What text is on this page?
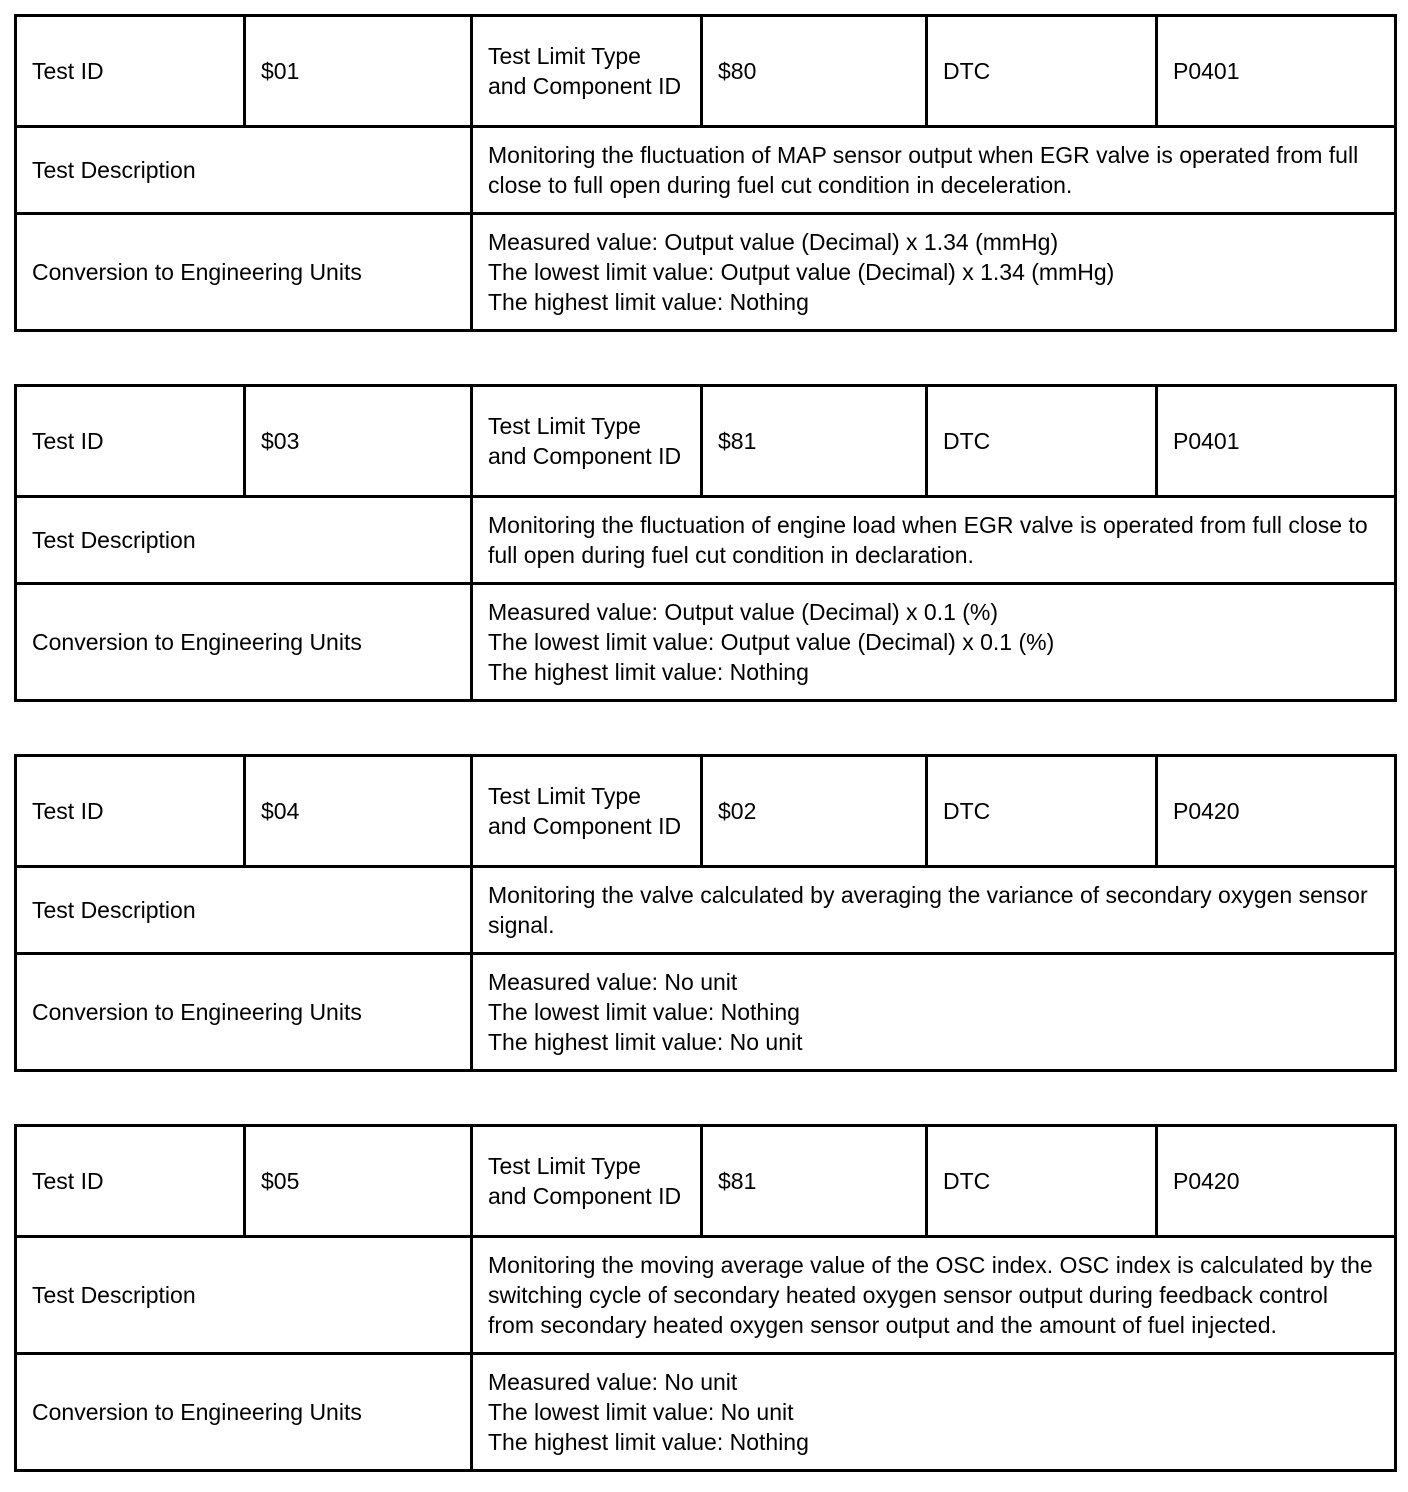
Test ID	$01	Test Limit Type and Component ID	$80	DTC	P0401
Test Description		Monitoring the fluctuation of MAP sensor output when EGR valve is operated from full close to full open during fuel cut condition in deceleration.			
Conversion to Engineering Units		Measured value: Output value (Decimal) x 1.34 (mmHg)
The lowest limit value: Output value (Decimal) x 1.34 (mmHg)
The highest limit value: Nothing			
Test ID	$03	Test Limit Type and Component ID	$81	DTC	P0401
Test Description		Monitoring the fluctuation of engine load when EGR valve is operated from full close to full open during fuel cut condition in declaration.			
Conversion to Engineering Units		Measured value: Output value (Decimal) x 0.1 (%)
The lowest limit value: Output value (Decimal) x 0.1 (%)
The highest limit value: Nothing			
Test ID	$04	Test Limit Type and Component ID	$02	DTC	P0420
Test Description		Monitoring the valve calculated by averaging the variance of secondary oxygen sensor signal.			
Conversion to Engineering Units		Measured value: No unit
The lowest limit value: Nothing
The highest limit value: No unit			
Test ID	$05	Test Limit Type and Component ID	$81	DTC	P0420
Test Description		Monitoring the moving average value of the OSC index. OSC index is calculated by the switching cycle of secondary heated oxygen sensor output during feedback control from secondary heated oxygen sensor output and the amount of fuel injected.			
Conversion to Engineering Units		Measured value: No unit
The lowest limit value: No unit
The highest limit value: Nothing			
